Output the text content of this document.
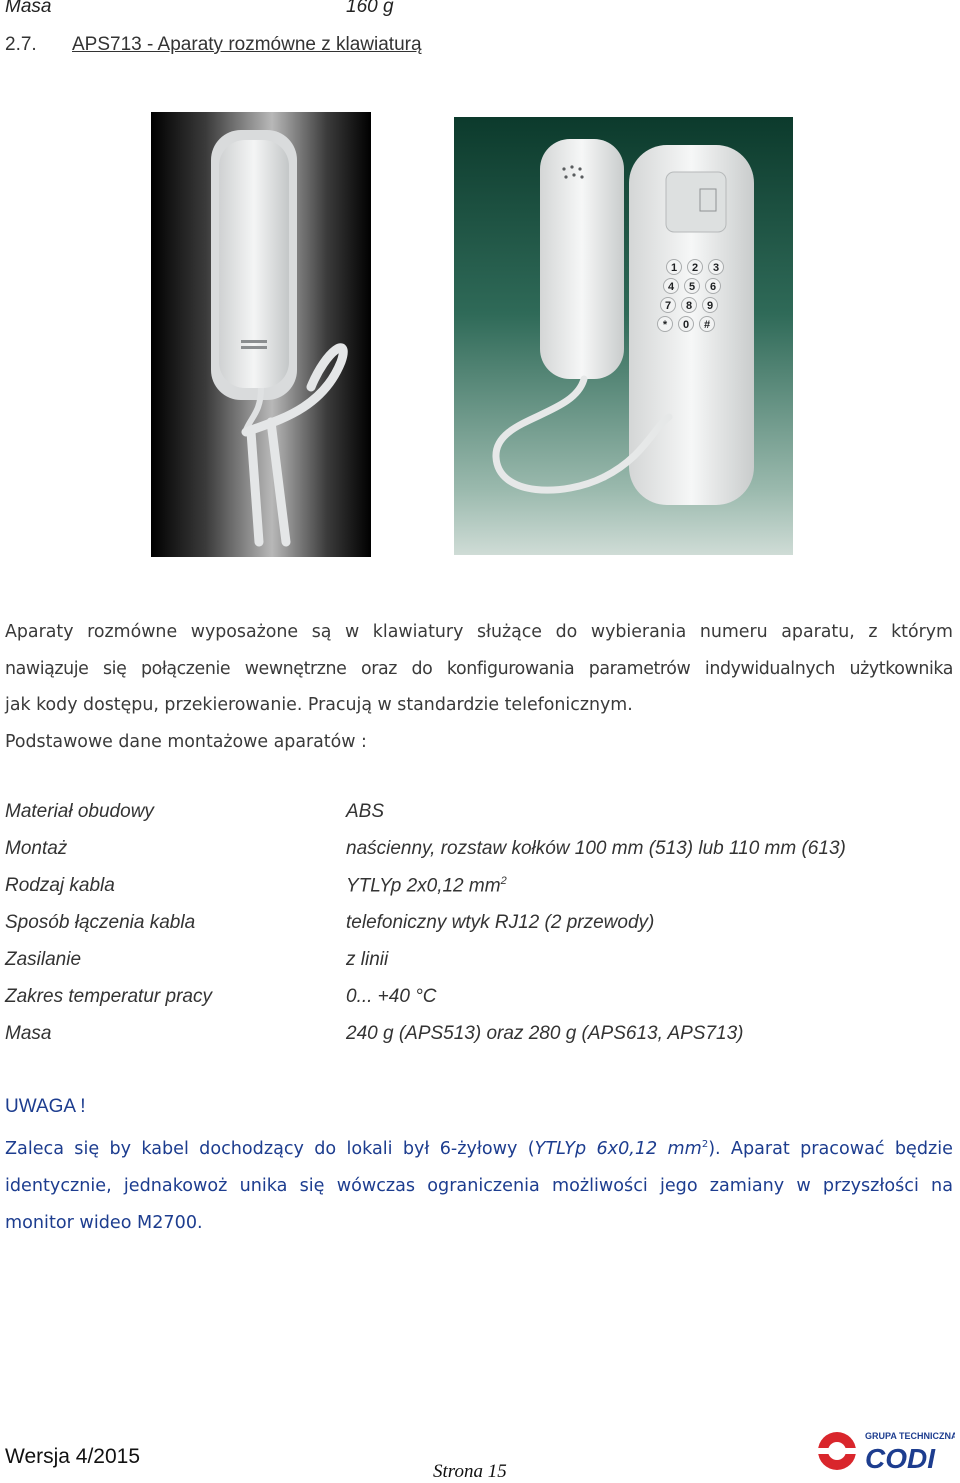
Masa	160 g
2.7. APS713 - Aparaty rozmówne z klawiaturą
1 2 3
4 5 6
7 8 9
* 0 #
Aparaty rozmówne wyposażone są w klawiatury służące do wybierania numeru aparatu, z którym
nawiązuje się połączenie wewnętrzne oraz do konfigurowania parametrów indywidualnych użytkownika
jak kody dostępu, przekierowanie. Pracują w standardzie telefonicznym.
Podstawowe dane montażowe aparatów :
Materiał obudowy	ABS
Montaż	naścienny, rozstaw kołków 100 mm (513) lub 110 mm (613)
Rodzaj kabla	YTLYp 2x0,12 $mm^2$
Sposób łączenia kabla	telefoniczny wtyk RJ12 (2 przewody)
Zasilanie	z linii
Zakres temperatur pracy	0... +40 °C
Masa	240 g (APS513) oraz 280 g (APS613, APS713)
UWAGA !
Zaleca się by kabel dochodzący do lokali był 6-żyłowy (YTLYp 6x0,12 $mm^2$). Aparat pracować będzie
identycznie, jednakowoż unika się wówczas ograniczenia możliwości jego zamiany w przyszłości na
monitor wideo M2700.
Wersja 4/2015
Strona 15
GRUPA TECHNICZNA
CODI
